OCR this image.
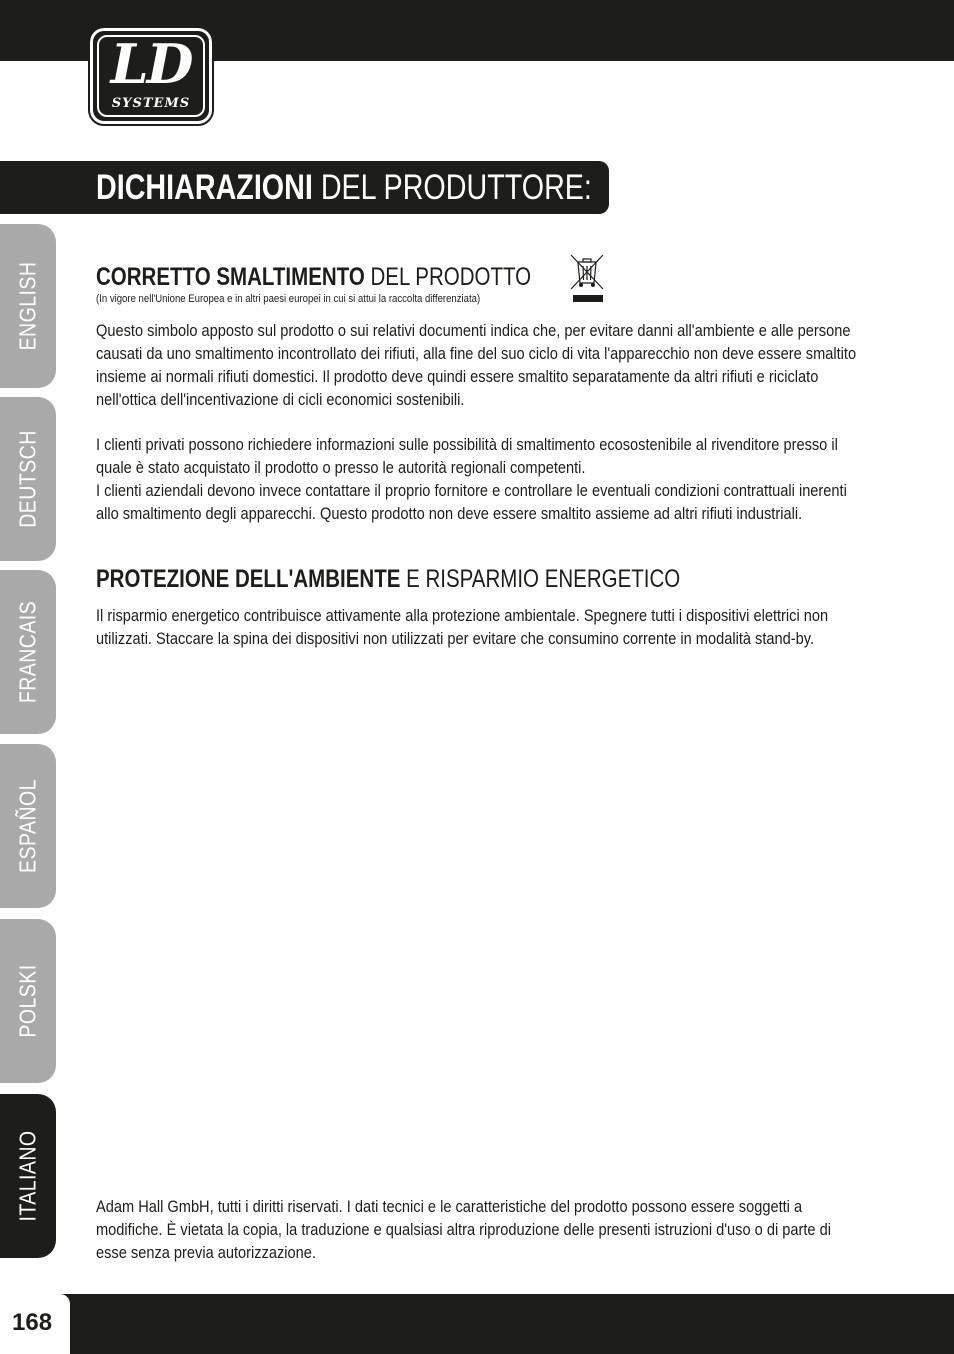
LD
SYSTEMS
DICHIARAZIONI DEL PRODUTTORE:
ENGLISH
DEUTSCH
FRANCAIS
ESPAÑOL
POLSKI
ITALIANO
CORRETTO SMALTIMENTO DEL PRODOTTO
(In vigore nell'Unione Europea e in altri paesi europei in cui si attui la raccolta differenziata)
Questo simbolo apposto sul prodotto o sui relativi documenti indica che, per evitare danni all'ambiente e alle persone causati da uno smaltimento incontrollato dei rifiuti, alla fine del suo ciclo di vita l'apparecchio non deve essere smaltito insieme ai normali rifiuti domestici. Il prodotto deve quindi essere smaltito separatamente da altri rifiuti e riciclato nell'ottica dell'incentivazione di cicli economici sostenibili.
I clienti privati possono richiedere informazioni sulle possibilità di smaltimento ecosostenibile al rivenditore presso il quale è stato acquistato il prodotto o presso le autorità regionali competenti.
I clienti aziendali devono invece contattare il proprio fornitore e controllare le eventuali condizioni contrattuali inerenti allo smaltimento degli apparecchi. Questo prodotto non deve essere smaltito assieme ad altri rifiuti industriali.
PROTEZIONE DELL'AMBIENTE E RISPARMIO ENERGETICO
Il risparmio energetico contribuisce attivamente alla protezione ambientale. Spegnere tutti i dispositivi elettrici non utilizzati. Staccare la spina dei dispositivi non utilizzati per evitare che consumino corrente in modalità stand-by.
Adam Hall GmbH, tutti i diritti riservati. I dati tecnici e le caratteristiche del prodotto possono essere soggetti a modifiche. È vietata la copia, la traduzione e qualsiasi altra riproduzione delle presenti istruzioni d'uso o di parte di esse senza previa autorizzazione.
168
